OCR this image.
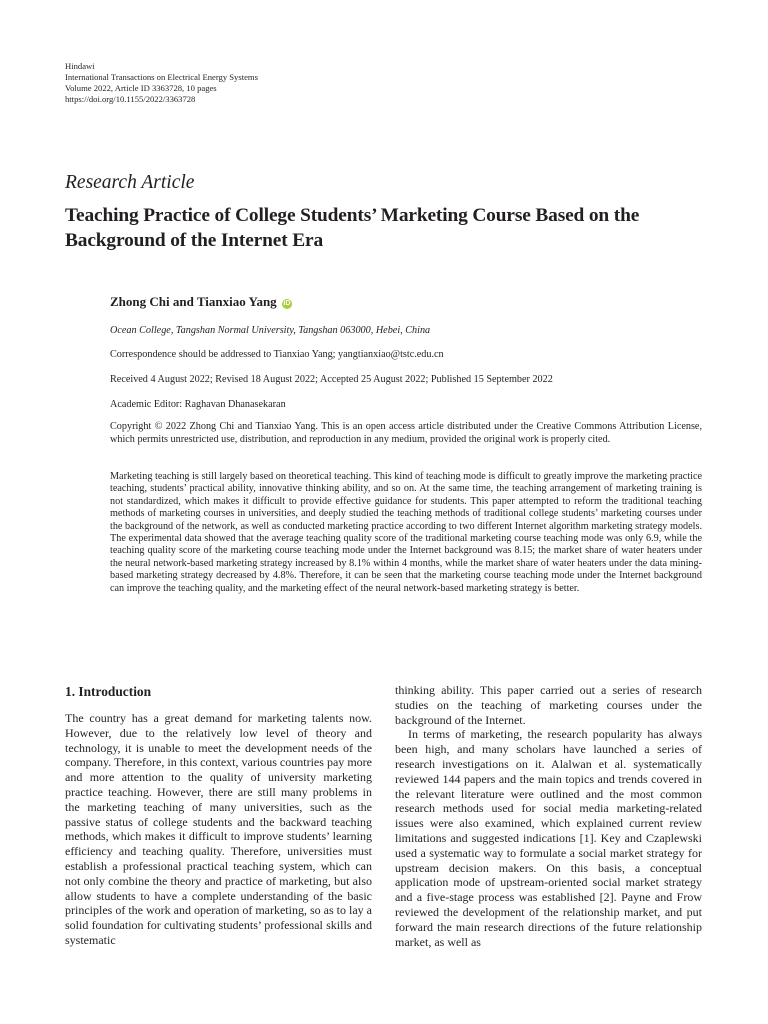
Hindawi
International Transactions on Electrical Energy Systems
Volume 2022, Article ID 3363728, 10 pages
https://doi.org/10.1155/2022/3363728
Research Article
Teaching Practice of College Students’ Marketing Course Based on the Background of the Internet Era
Zhong Chi and Tianxiao Yang iD
Ocean College, Tangshan Normal University, Tangshan 063000, Hebei, China
Correspondence should be addressed to Tianxiao Yang; yangtianxiao@tstc.edu.cn
Received 4 August 2022; Revised 18 August 2022; Accepted 25 August 2022; Published 15 September 2022
Academic Editor: Raghavan Dhanasekaran

Copyright © 2022 Zhong Chi and Tianxiao Yang. This is an open access article distributed under the Creative Commons Attribution License, which permits unrestricted use, distribution, and reproduction in any medium, provided the original work is properly cited.

Marketing teaching is still largely based on theoretical teaching. This kind of teaching mode is difficult to greatly improve the marketing practice teaching, students’ practical ability, innovative thinking ability, and so on. At the same time, the teaching arrangement of marketing training is not standardized, which makes it difficult to provide effective guidance for students. This paper attempted to reform the traditional teaching methods of marketing courses in universities, and deeply studied the teaching methods of traditional college students’ marketing courses under the background of the network, as well as conducted marketing practice according to two different Internet algorithm marketing strategy models. The experimental data showed that the average teaching quality score of the traditional marketing course teaching mode was only 6.9, while the teaching quality score of the marketing course teaching mode under the Internet background was 8.15; the market share of water heaters under the neural network-based marketing strategy increased by 8.1% within 4 months, while the market share of water heaters under the data mining-based marketing strategy decreased by 4.8%. Therefore, it can be seen that the marketing course teaching mode under the Internet background can improve the teaching quality, and the marketing effect of the neural network-based marketing strategy is better.

1. Introduction

The country has a great demand for marketing talents now. However, due to the relatively low level of theory and technology, it is unable to meet the development needs of the company. Therefore, in this context, various countries pay more and more attention to the quality of university marketing practice teaching. However, there are still many problems in the marketing teaching of many universities, such as the passive status of college students and the backward teaching methods, which makes it difficult to improve students’ learning efficiency and teaching quality. Therefore, universities must establish a professional practical teaching system, which can not only combine the theory and practice of marketing, but also allow students to have a complete understanding of the basic principles of the work and operation of marketing, so as to lay a solid foundation for cultivating students’ professional skills and systematic

thinking ability. This paper carried out a series of research studies on the teaching of marketing courses under the background of the Internet.

In terms of marketing, the research popularity has always been high, and many scholars have launched a series of research investigations on it. Alalwan et al. systematically reviewed 144 papers and the main topics and trends covered in the relevant literature were outlined and the most common research methods used for social media marketing-related issues were also examined, which explained current review limitations and suggested indications [1]. Key and Czaplewski used a systematic way to formulate a social market strategy for upstream decision makers. On this basis, a conceptual application mode of upstream-oriented social market strategy and a five-stage process was established [2]. Payne and Frow reviewed the development of the relationship market, and put forward the main research directions of the future relationship market, as well as
